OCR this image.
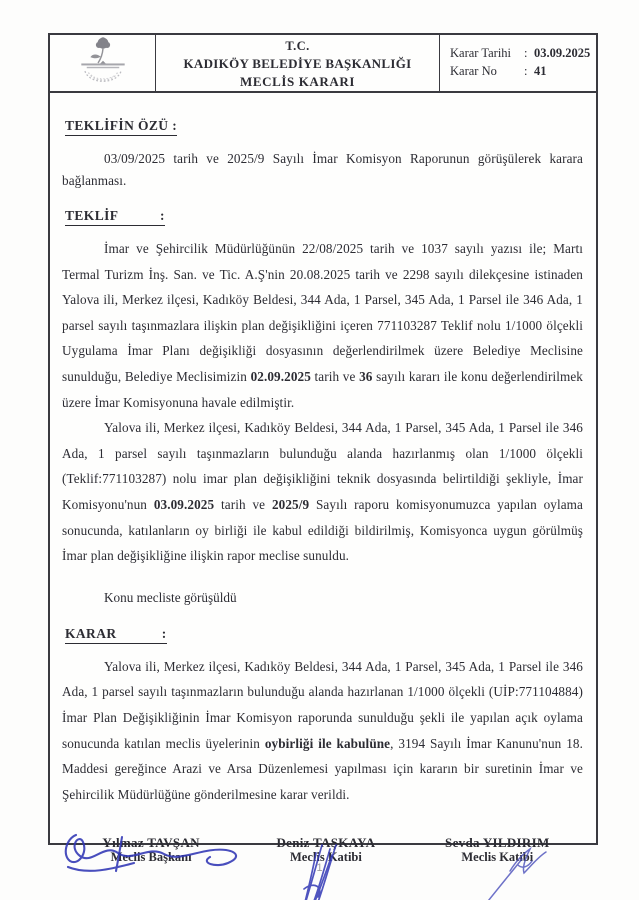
T.C.
KADIKÖY BELEDİYE BAŞKANLIĞI
MECLİS KARARI
Karar Tarihi	: 03.09.2025
Karar No	: 41
TEKLİFİN ÖZÜ :

03/09/2025 tarih ve 2025/9 Sayılı İmar Komisyon Raporunun görüşülerek karara bağlanması.

TEKLİF           :

İmar ve Şehircilik Müdürlüğünün 22/08/2025 tarih ve 1037 sayılı yazısı ile; Martı Termal Turizm İnş. San. ve Tic. A.Ş'nin 20.08.2025 tarih ve 2298 sayılı dilekçesine istinaden Yalova ili, Merkez ilçesi, Kadıköy Beldesi, 344 Ada, 1 Parsel, 345 Ada, 1 Parsel ile 346 Ada, 1 parsel sayılı taşınmazlara ilişkin plan değişikliğini içeren 771103287 Teklif nolu 1/1000 ölçekli Uygulama İmar Planı değişikliği dosyasının değerlendirilmek üzere Belediye Meclisine sunulduğu, Belediye Meclisimizin 02.09.2025 tarih ve 36 sayılı kararı ile konu değerlendirilmek üzere İmar Komisyonuna havale edilmiştir.

Yalova ili, Merkez ilçesi, Kadıköy Beldesi, 344 Ada, 1 Parsel, 345 Ada, 1 Parsel ile 346 Ada, 1 parsel sayılı taşınmazların bulunduğu alanda hazırlanmış olan 1/1000 ölçekli (Teklif:771103287) nolu imar plan değişikliğini teknik dosyasında belirtildiği şekliyle, İmar Komisyonu'nun 03.09.2025 tarih ve 2025/9 Sayılı raporu komisyonumuzca yapılan oylama sonucunda, katılanların oy birliği ile kabul edildiği bildirilmiş, Komisyonca uygun görülmüş İmar plan değişikliğine ilişkin rapor meclise sunuldu.

Konu mecliste görüşüldü

KARAR            :

Yalova ili, Merkez ilçesi, Kadıköy Beldesi, 344 Ada, 1 Parsel, 345 Ada, 1 Parsel ile 346 Ada, 1 parsel sayılı taşınmazların bulunduğu alanda hazırlanan 1/1000 ölçekli (UİP:771104884) İmar Plan Değişikliğinin İmar Komisyon raporunda sunulduğu şekli ile yapılan açık oylama sonucunda katılan meclis üyelerinin oybirliği ile kabulüne, 3194 Sayılı İmar Kanunu'nun 18. Maddesi gereğince Arazi ve Arsa Düzenlemesi yapılması için kararın bir suretinin İmar ve Şehircilik Müdürlüğüne gönderilmesine karar verildi.

Yılmaz TAVŞAN
Meclis Başkanı
Deniz TAŞKAYA
Meclis Katibi
Sevda YILDIRIM
Meclis Katibi
1
